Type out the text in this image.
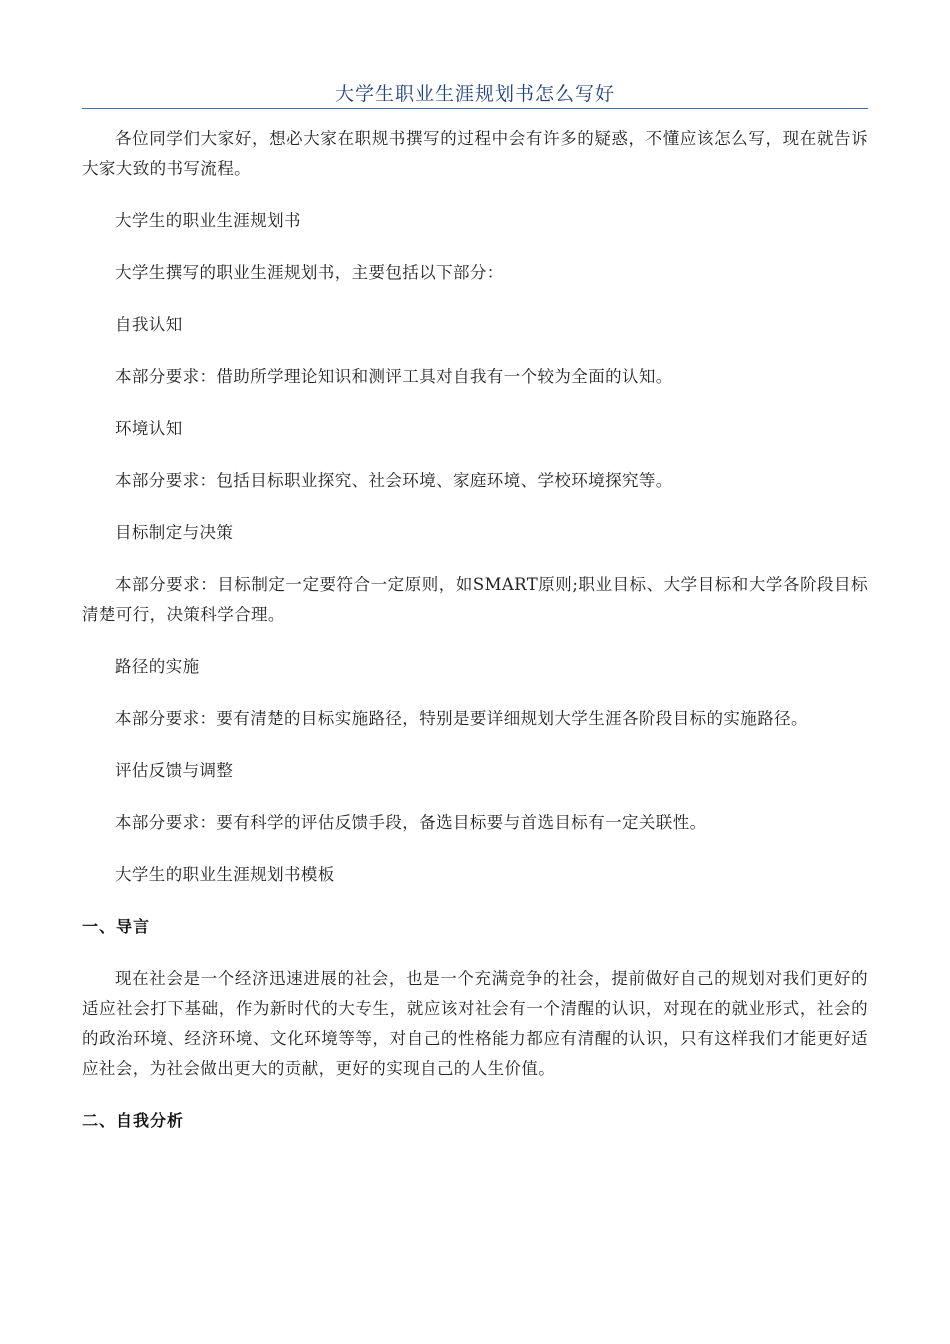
大学生职业生涯规划书怎么写好

各位同学们大家好，想必大家在职规书撰写的过程中会有许多的疑惑，不懂应该怎么写，现在就告诉大家大致的书写流程。

大学生的职业生涯规划书

大学生撰写的职业生涯规划书，主要包括以下部分：

自我认知

本部分要求：借助所学理论知识和测评工具对自我有一个较为全面的认知。

环境认知

本部分要求：包括目标职业探究、社会环境、家庭环境、学校环境探究等。

目标制定与决策

本部分要求：目标制定一定要符合一定原则，如SMART原则;职业目标、大学目标和大学各阶段目标清楚可行，决策科学合理。

路径的实施

本部分要求：要有清楚的目标实施路径，特别是要详细规划大学生涯各阶段目标的实施路径。

评估反馈与调整

本部分要求：要有科学的评估反馈手段，备选目标要与首选目标有一定关联性。

大学生的职业生涯规划书模板

一、导言

现在社会是一个经济迅速进展的社会，也是一个充满竞争的社会，提前做好自己的规划对我们更好的适应社会打下基础，作为新时代的大专生，就应该对社会有一个清醒的认识，对现在的就业形式，社会的的政治环境、经济环境、文化环境等等，对自己的性格能力都应有清醒的认识，只有这样我们才能更好适应社会，为社会做出更大的贡献，更好的实现自己的人生价值。

二、自我分析
